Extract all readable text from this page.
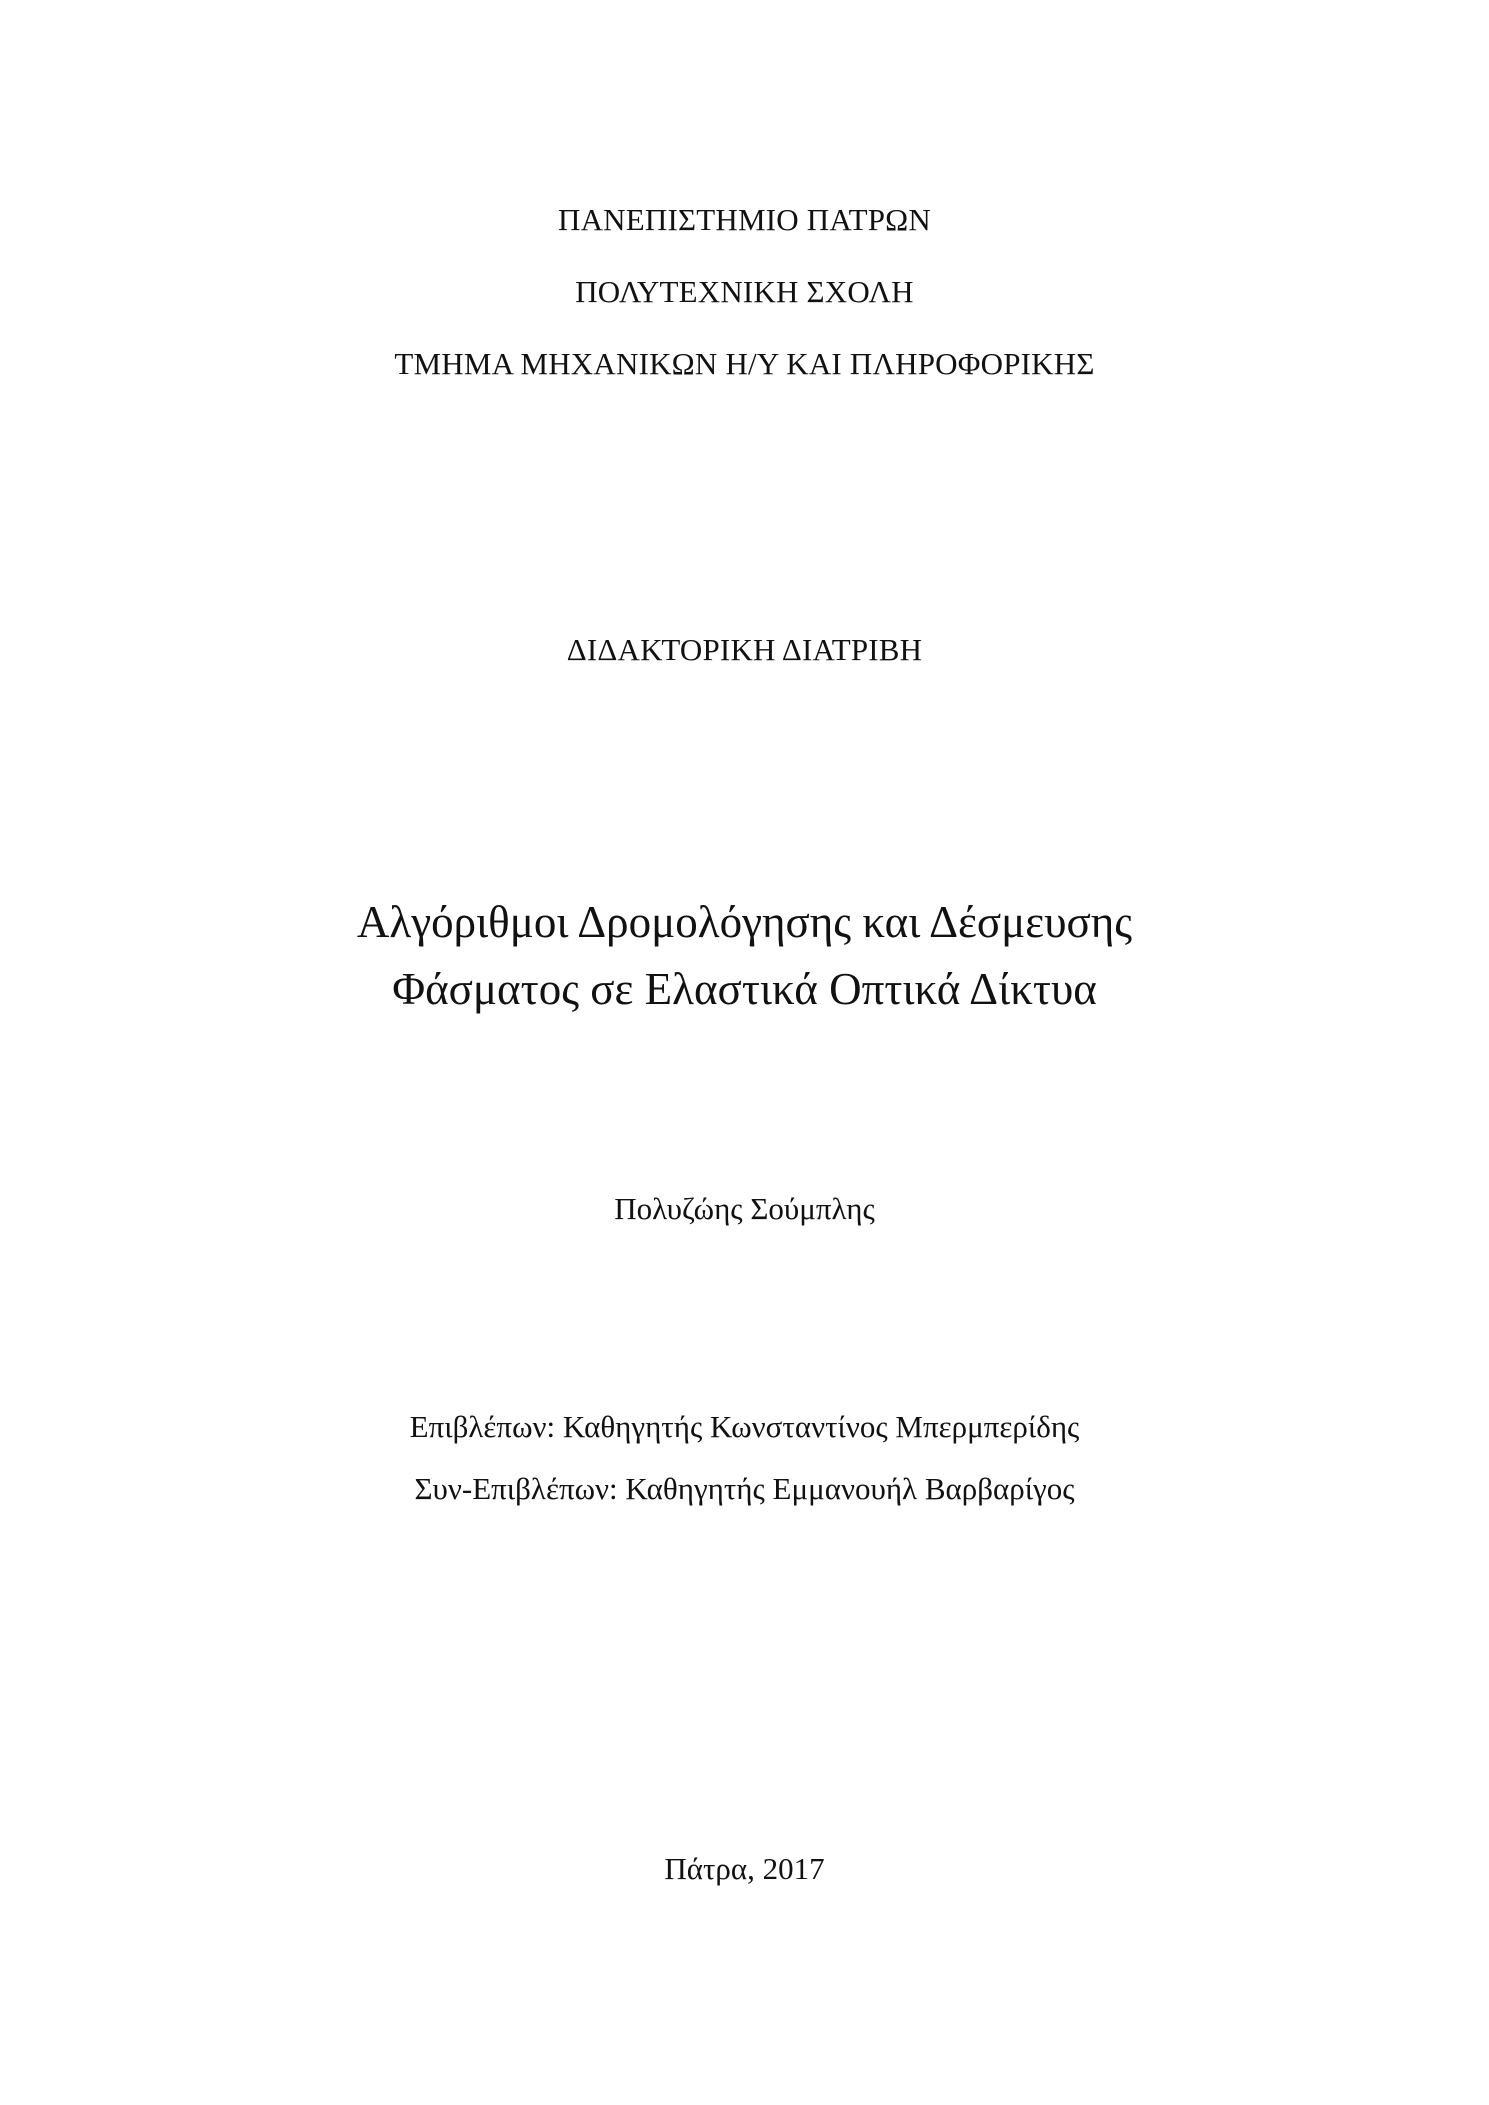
ΠΑΝΕΠΙΣΤΗΜΙΟ ΠΑΤΡΩΝ
ΠΟΛΥΤΕΧΝΙΚΗ ΣΧΟΛΗ
ΤΜΗΜΑ ΜΗΧΑΝΙΚΩΝ Η/Υ ΚΑΙ ΠΛΗΡΟΦΟΡΙΚΗΣ
ΔΙΔΑΚΤΟΡΙΚΗ ΔΙΑΤΡΙΒΗ
Αλγόριθμοι Δρομολόγησης και Δέσμευσης
Φάσματος σε Ελαστικά Οπτικά Δίκτυα
Πολυζώης Σούμπλης
Επιβλέπων: Καθηγητής Κωνσταντίνος Μπερμπερίδης
Συν-Επιβλέπων: Καθηγητής Εμμανουήλ Βαρβαρίγος
Πάτρα, 2017
